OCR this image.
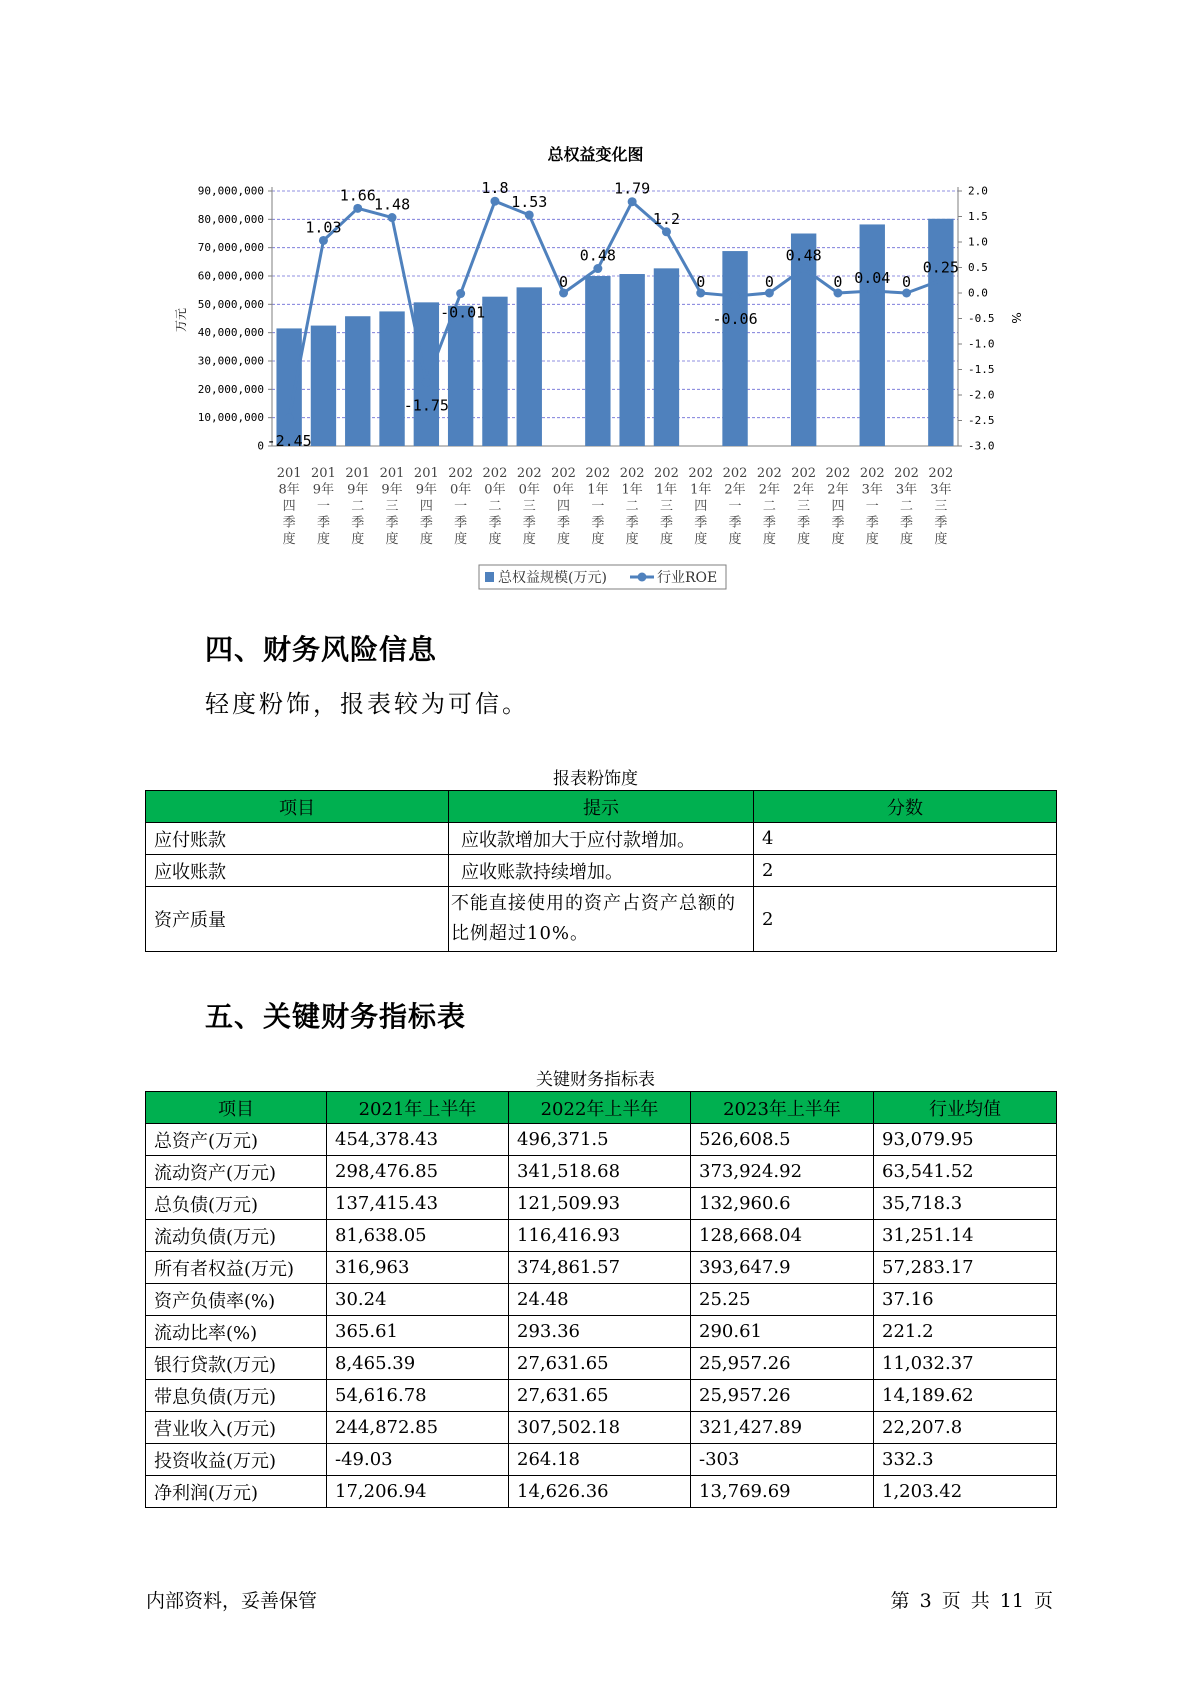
总权益变化图
0
10,000,000
20,000,000
30,000,000
40,000,000
50,000,000
60,000,000
70,000,000
80,000,000
90,000,000
-3.0
-2.5
-2.0
-1.5
-1.0
-0.5
0.0
0.5
1.0
1.5
2.0
万元	%
201
8年
四
季
度
201
9年
一
季
度
201
9年
二
季
度
201
9年
三
季
度
201
9年
四
季
度
202
0年
一
季
度
202
0年
二
季
度
202
0年
三
季
度
202
0年
四
季
度
202
1年
一
季
度
202
1年
二
季
度
202
1年
三
季
度
202
1年
四
季
度
202
2年
一
季
度
202
2年
二
季
度
202
2年
三
季
度
202
2年
四
季
度
202
3年
一
季
度
202
3年
二
季
度
202
3年
三
季
度
-2.45
1.03
1.66
1.48
-1.75
-0.01
1.8
1.53
0
0.48
1.79
1.2
0
-0.06
0
0.48
0 0.04 0
0.25
总权益规模(万元)	行业ROE
四、财务风险信息
轻度粉饰，报表较为可信。
报表粉饰度
项目	提示	分数
应付账款	应收款增加大于应付款增加。	4
应收账款	应收账款持续增加。	2
资产质量	不能直接使用的资产占资产总额的比例超过10%。	2
五、关键财务指标表
关键财务指标表
项目	2021年上半年	2022年上半年	2023年上半年	行业均值
总资产(万元)	454,378.43	496,371.5	526,608.5	93,079.95
流动资产(万元)	298,476.85	341,518.68	373,924.92	63,541.52
总负债(万元)	137,415.43	121,509.93	132,960.6	35,718.3
流动负债(万元)	81,638.05	116,416.93	128,668.04	31,251.14
所有者权益(万元)	316,963	374,861.57	393,647.9	57,283.17
资产负债率(%)	30.24	24.48	25.25	37.16
流动比率(%)	365.61	293.36	290.61	221.2
银行贷款(万元)	8,465.39	27,631.65	25,957.26	11,032.37
带息负债(万元)	54,616.78	27,631.65	25,957.26	14,189.62
营业收入(万元)	244,872.85	307,502.18	321,427.89	22,207.8
投资收益(万元)	-49.03	264.18	-303	332.3
净利润(万元)	17,206.94	14,626.36	13,769.69	1,203.42
内部资料，妥善保管	第 3 页 共 11 页
